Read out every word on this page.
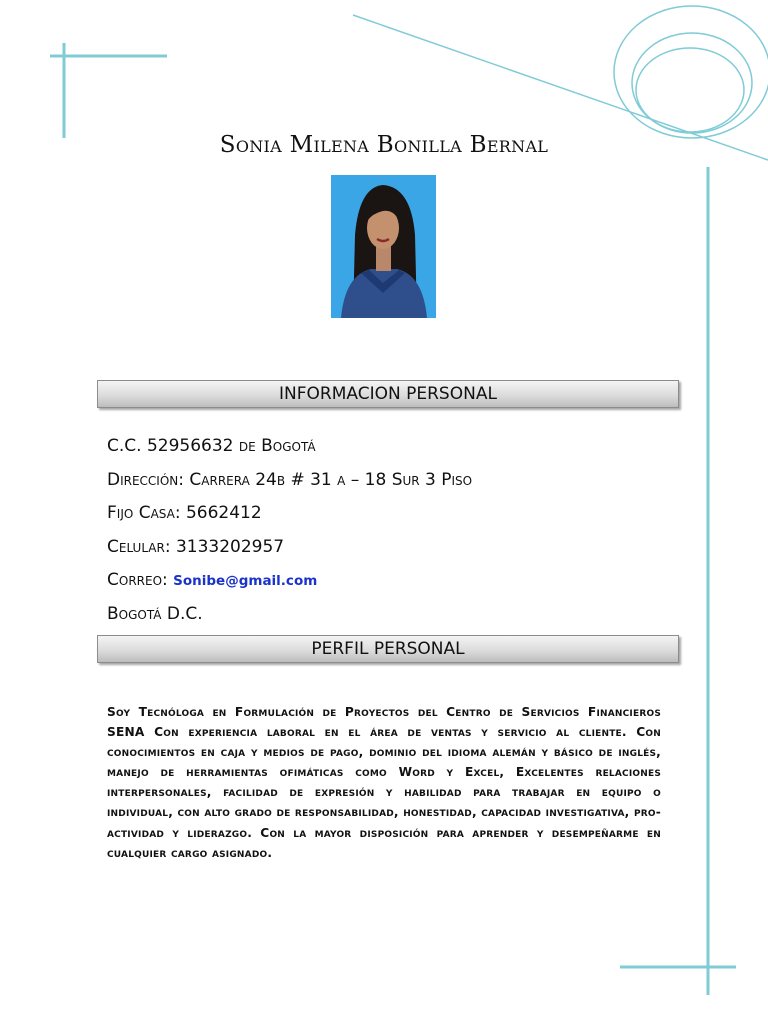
Sonia Milena Bonilla Bernal
INFORMACION PERSONAL
C.C. 52956632 de Bogotá
Dirección: Carrera 24b # 31 a – 18 Sur 3 Piso
Fijo Casa: 5662412
Celular: 3133202957
Correo: Sonibe@gmail.com
Bogotá D.C.
PERFIL PERSONAL
Soy Tecnóloga en Formulación de Proyectos del Centro de Servicios Financieros SENA Con experiencia laboral en el área de ventas y servicio al cliente. Con conocimientos en caja y medios de pago, dominio del idioma alemán y básico de inglés, manejo de herramientas ofimáticas como Word y Excel, Excelentes relaciones interpersonales, facilidad de expresión y habilidad para trabajar en equipo o individual, con alto grado de responsabilidad, honestidad, capacidad investigativa, pro-actividad y liderazgo. Con la mayor disposición para aprender y desempeñarme en cualquier cargo asignado.
